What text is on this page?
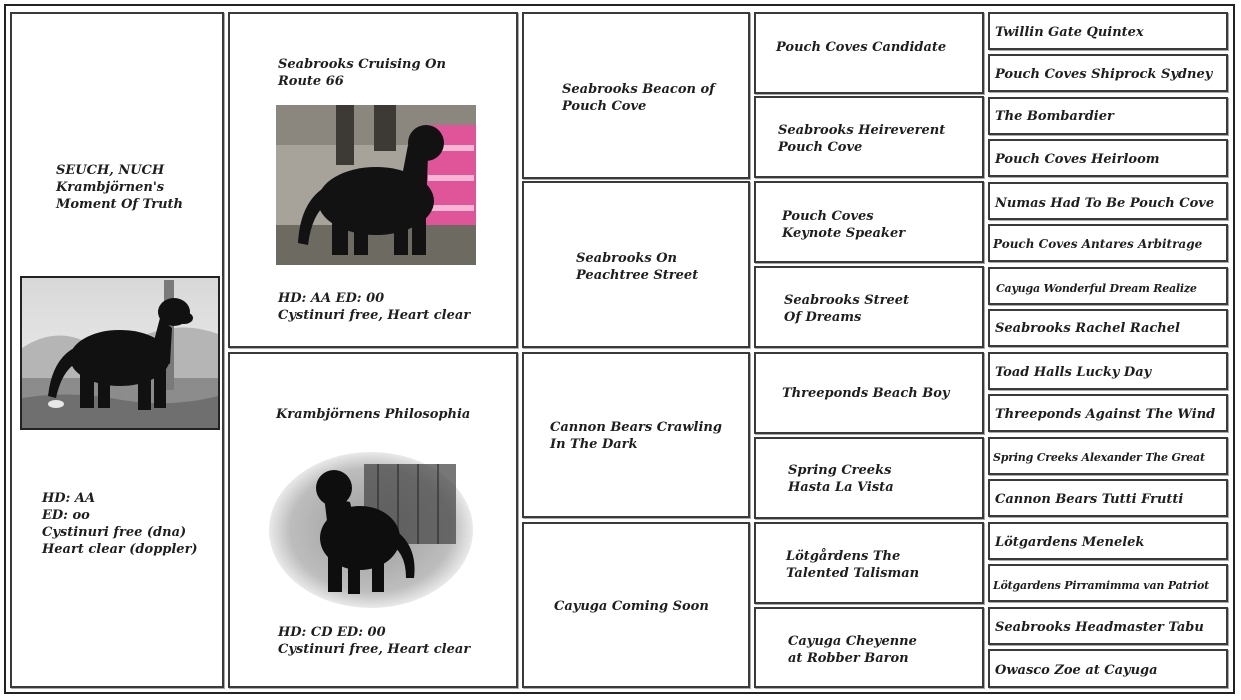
SEUCH, NUCH
Krambjörnen's
Moment Of Truth
HD: AA
ED: oo
Cystinuri free (dna)
Heart clear (doppler)
Seabrooks Cruising On
Route 66
HD: AA ED: 00
Cystinuri free, Heart clear
Krambjörnens Philosophia
HD: CD ED: 00
Cystinuri free, Heart clear
Seabrooks Beacon of
Pouch Cove
Seabrooks On
Peachtree Street
Cannon Bears Crawling
In The Dark
Cayuga Coming Soon
Pouch Coves Candidate
Seabrooks Heireverent
Pouch Cove
Pouch Coves
Keynote Speaker
Seabrooks Street
Of Dreams
Threeponds Beach Boy
Spring Creeks
Hasta La Vista
Lötgårdens The
Talented Talisman
Cayuga Cheyenne
at Robber Baron
Twillin Gate Quintex
Pouch Coves Shiprock Sydney
The Bombardier
Pouch Coves Heirloom
Numas Had To Be Pouch Cove
Pouch Coves Antares Arbitrage
Cayuga Wonderful Dream Realize
Seabrooks Rachel Rachel
Toad Halls Lucky Day
Threeponds Against The Wind
Spring Creeks Alexander The Great
Cannon Bears Tutti Frutti
Lötgardens Menelek
Lötgardens Pirramimma van Patriot
Seabrooks Headmaster Tabu
Owasco Zoe at Cayuga
